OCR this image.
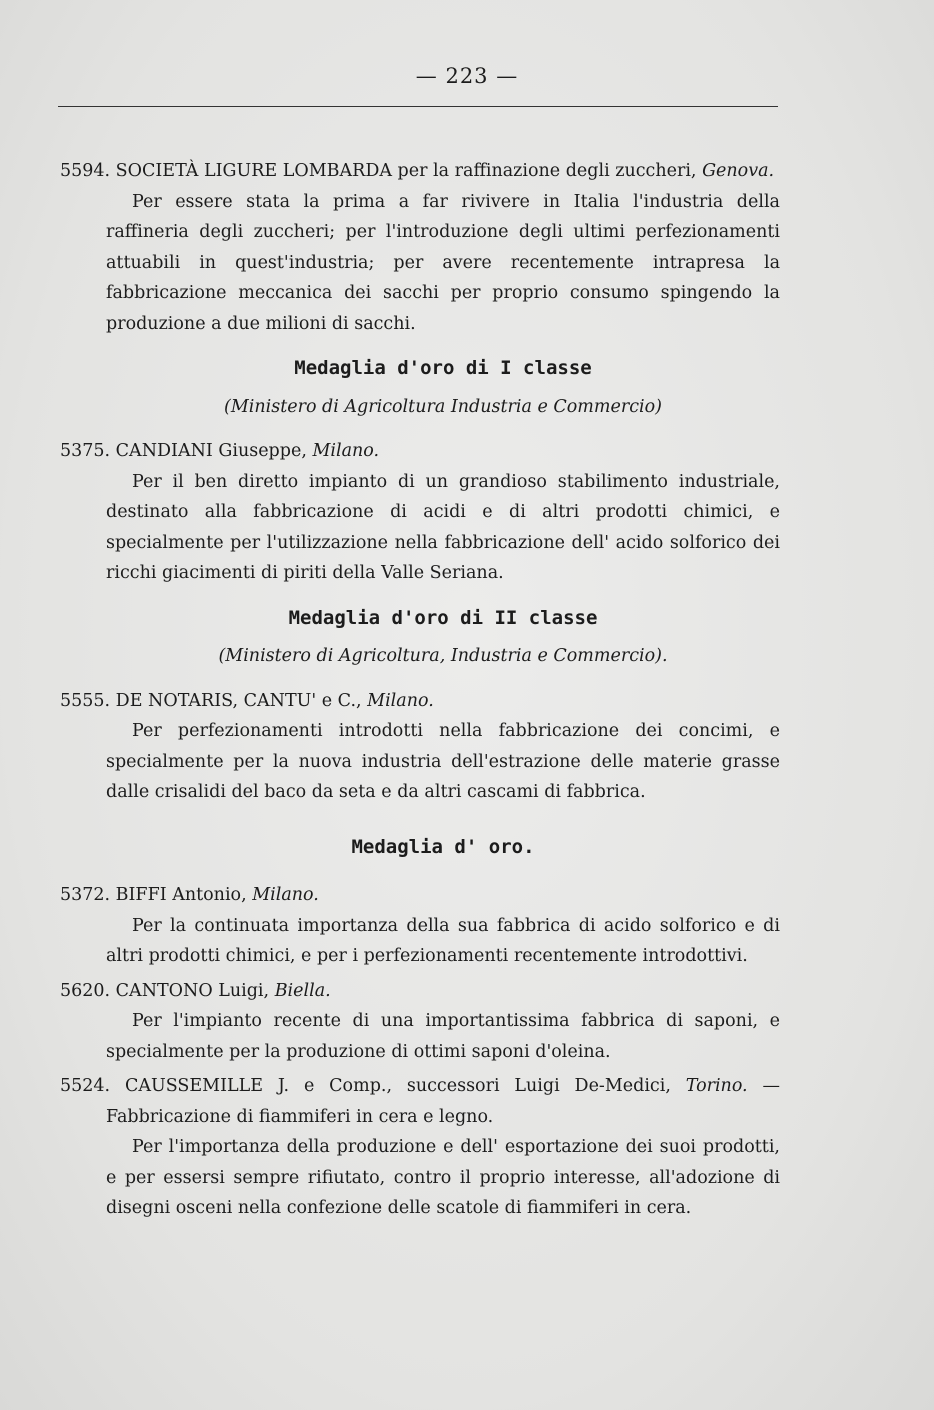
— 223 —

5594. SOCIETÀ LIGURE LOMBARDA per la raffinazione degli zuccheri, Genova.

Per essere stata la prima a far rivivere in Italia l'industria della raffineria degli zuccheri; per l'introduzione degli ultimi perfezionamenti attuabili in quest'industria; per avere recentemente intrapresa la fabbricazione meccanica dei sacchi per proprio consumo spingendo la produzione a due milioni di sacchi.

Medaglia d'oro di I classe
(Ministero di Agricoltura Industria e Commercio)

5375. CANDIANI Giuseppe, Milano.

Per il ben diretto impianto di un grandioso stabilimento industriale, destinato alla fabbricazione di acidi e di altri prodotti chimici, e specialmente per l'utilizzazione nella fabbricazione dell' acido solforico dei ricchi giacimenti di piriti della Valle Seriana.

Medaglia d'oro di II classe
(Ministero di Agricoltura, Industria e Commercio).

5555. DE NOTARIS, CANTU' e C., Milano.

Per perfezionamenti introdotti nella fabbricazione dei concimi, e specialmente per la nuova industria dell'estrazione delle materie grasse dalle crisalidi del baco da seta e da altri cascami di fabbrica.

Medaglia d' oro.

5372. BIFFI Antonio, Milano.

Per la continuata importanza della sua fabbrica di acido solforico e di altri prodotti chimici, e per i perfezionamenti recentemente introdottivi.

5620. CANTONO Luigi, Biella.

Per l'impianto recente di una importantissima fabbrica di saponi, e specialmente per la produzione di ottimi saponi d'oleina.

5524. CAUSSEMILLE J. e Comp., successori Luigi De-Medici, Torino. — Fabbricazione di fiammiferi in cera e legno.

Per l'importanza della produzione e dell' esportazione dei suoi prodotti, e per essersi sempre rifiutato, contro il proprio interesse, all'adozione di disegni osceni nella confezione delle scatole di fiammiferi in cera.
